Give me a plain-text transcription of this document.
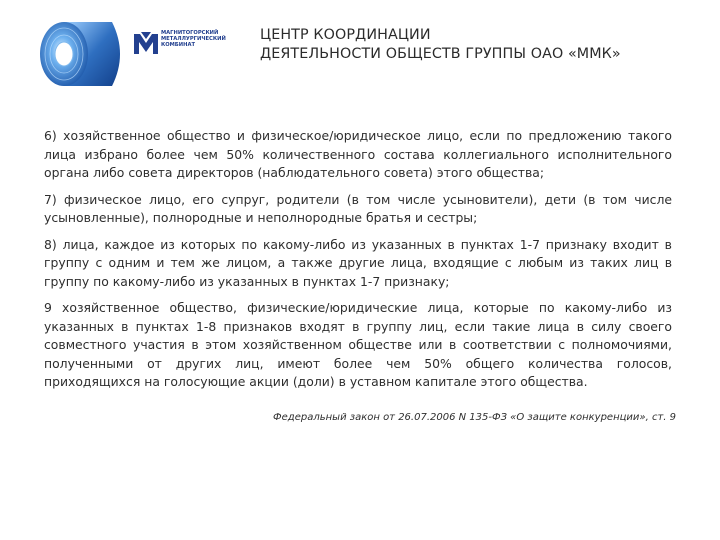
МАГНИТОГОРСКИЙ
МЕТАЛЛУРГИЧЕСКИЙ
КОМБИНАТ
ЦЕНТР КООРДИНАЦИИ
ДЕЯТЕЛЬНОСТИ ОБЩЕСТВ ГРУППЫ ОАО «ММК»

6) хозяйственное общество и физическое/юридическое лицо, если по предложению такого лица избрано более чем 50% количественного состава коллегиального исполнительного органа либо совета директоров (наблюдательного совета) этого общества;

7) физическое лицо, его супруг, родители (в том числе усыновители), дети (в том числе усыновленные), полнородные и неполнородные братья и сестры;

8) лица, каждое из которых по какому-либо из указанных в пунктах 1-7 признаку входит в группу с одним и тем же лицом, а также другие лица, входящие с любым из таких лиц в группу по какому-либо из указанных в пунктах 1-7 признаку;

9 хозяйственное общество, физические/юридические лица, которые по какому-либо из указанных в пунктах 1-8 признаков входят в группу лиц, если такие лица в силу своего совместного участия в этом хозяйственном обществе или в соответствии с полномочиями, полученными от других лиц, имеют более чем 50% общего количества голосов, приходящихся на голосующие акции (доли) в уставном капитале этого общества.

Федеральный закон от 26.07.2006 N 135-ФЗ «О защите конкуренции», ст. 9
